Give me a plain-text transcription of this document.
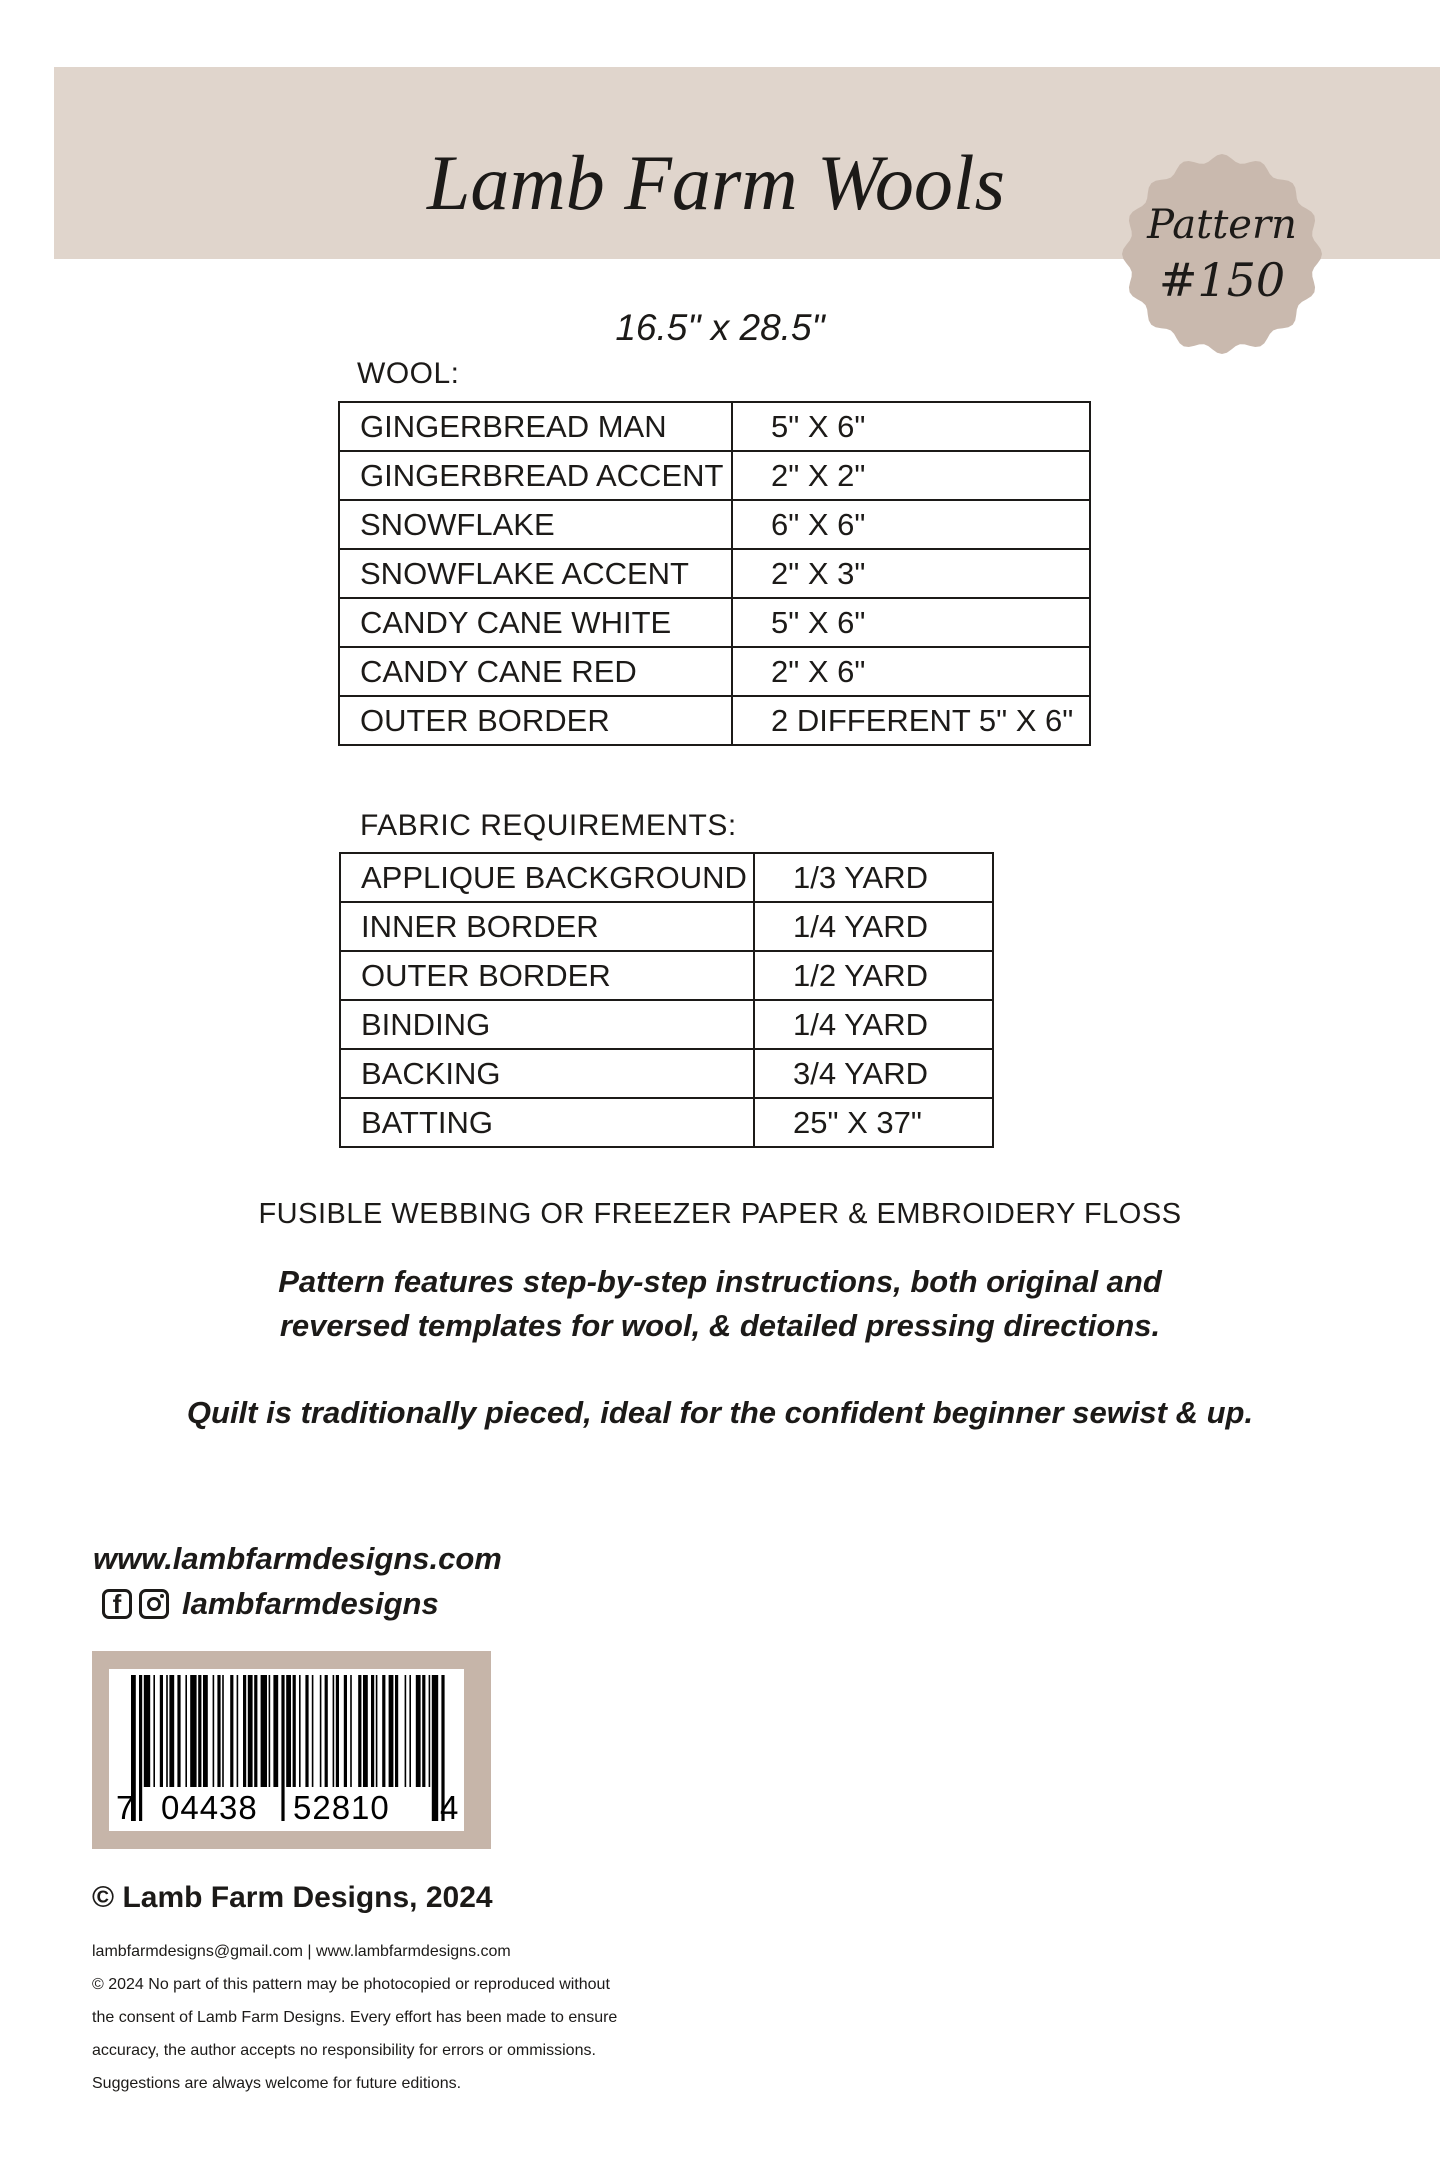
Lamb Farm Wools	Pattern
#150
16.5" x 28.5"
WOOL:
GINGERBREAD MAN	5" X 6"
GINGERBREAD ACCENT	2" X 2"
SNOWFLAKE	6" X 6"
SNOWFLAKE ACCENT	2" X 3"
CANDY CANE WHITE	5" X 6"
CANDY CANE RED	2" X 6"
OUTER BORDER	2 DIFFERENT 5" X 6"
FABRIC REQUIREMENTS:
APPLIQUE BACKGROUND	1/3 YARD
INNER BORDER	1/4 YARD
OUTER BORDER	1/2 YARD
BINDING	1/4 YARD
BACKING	3/4 YARD
BATTING	25" X 37"
FUSIBLE WEBBING OR FREEZER PAPER & EMBROIDERY FLOSS
Pattern features step-by-step instructions, both original and
reversed templates for wool, & detailed pressing directions.
Quilt is traditionally pieced, ideal for the confident beginner sewist & up.
www.lambfarmdesigns.com
f lambfarmdesigns
7 04438 52810 4
© Lamb Farm Designs, 2024
lambfarmdesigns@gmail.com | www.lambfarmdesigns.com
© 2024 No part of this pattern may be photocopied or reproduced without
the consent of Lamb Farm Designs. Every effort has been made to ensure
accuracy, the author accepts no responsibility for errors or ommissions.
Suggestions are always welcome for future editions.
